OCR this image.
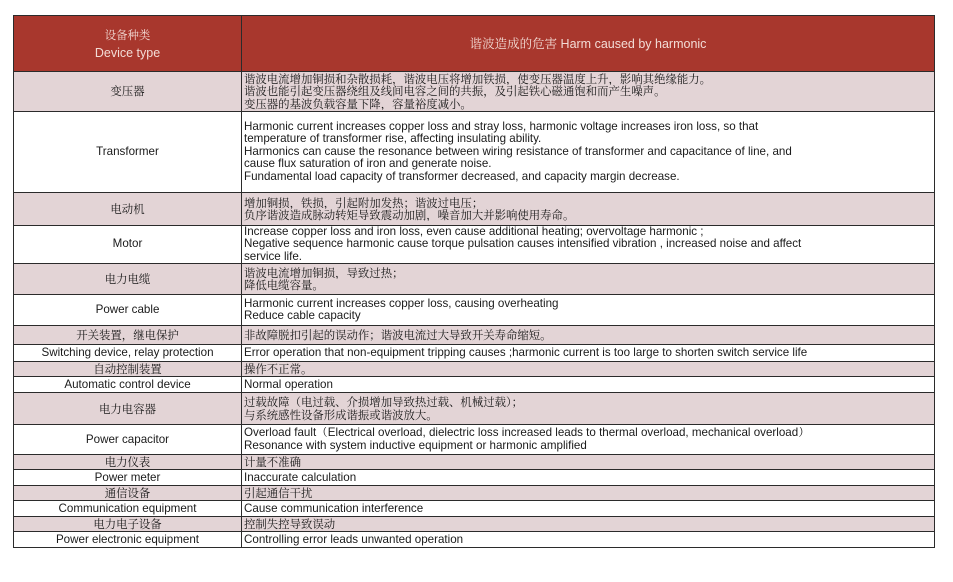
设备种类
Device type	谐波造成的危害 Harm caused by harmonic
变压器	谐波电流增加铜损和杂散损耗，谐波电压将增加铁损，使变压器温度上升，影响其绝缘能力。
谐波也能引起变压器绕组及线间电容之间的共振，及引起铁心磁通饱和而产生噪声。
变压器的基波负载容量下降，容量裕度减小。

Transformer	Harmonic current increases copper loss and stray loss, harmonic voltage increases iron loss, so that
temperature of transformer rise, affecting insulating ability.
Harmonics can cause the resonance between wiring resistance of transformer and capacitance of line, and
cause flux saturation of iron and generate noise.
Fundamental load capacity of transformer decreased, and capacity margin decrease.

电动机	增加铜损，铁损，引起附加发热；谐波过电压；
负序谐波造成脉动转矩导致震动加剧，噪音加大并影响使用寿命。

Motor	Increase copper loss and iron loss, even cause additional heating; overvoltage harmonic ;
Negative sequence harmonic cause torque pulsation causes intensified vibration , increased noise and affect
service life.

电力电缆	谐波电流增加铜损，导致过热；
降低电缆容量。

Power cable	Harmonic current increases copper loss, causing overheating
Reduce cable capacity

开关装置，继电保护	非故障脱扣引起的误动作；谐波电流过大导致开关寿命缩短。

Switching device, relay protection	Error operation that non-equipment tripping causes ;harmonic current is too large to shorten switch service life

自动控制装置	操作不正常。

Automatic control device	Normal operation

电力电容器	过载故障（电过载、介损增加导致热过载、机械过载）；
与系统感性设备形成谐振或谐波放大。

Power capacitor	Overload fault（Electrical overload, dielectric loss increased leads to thermal overload, mechanical overload）
Resonance with system inductive equipment or harmonic amplified

电力仪表	计量不准确

Power meter	Inaccurate calculation

通信设备	引起通信干扰

Communication equipment	Cause communication interference

电力电子设备	控制失控导致误动

Power electronic equipment	Controlling error leads unwanted operation
